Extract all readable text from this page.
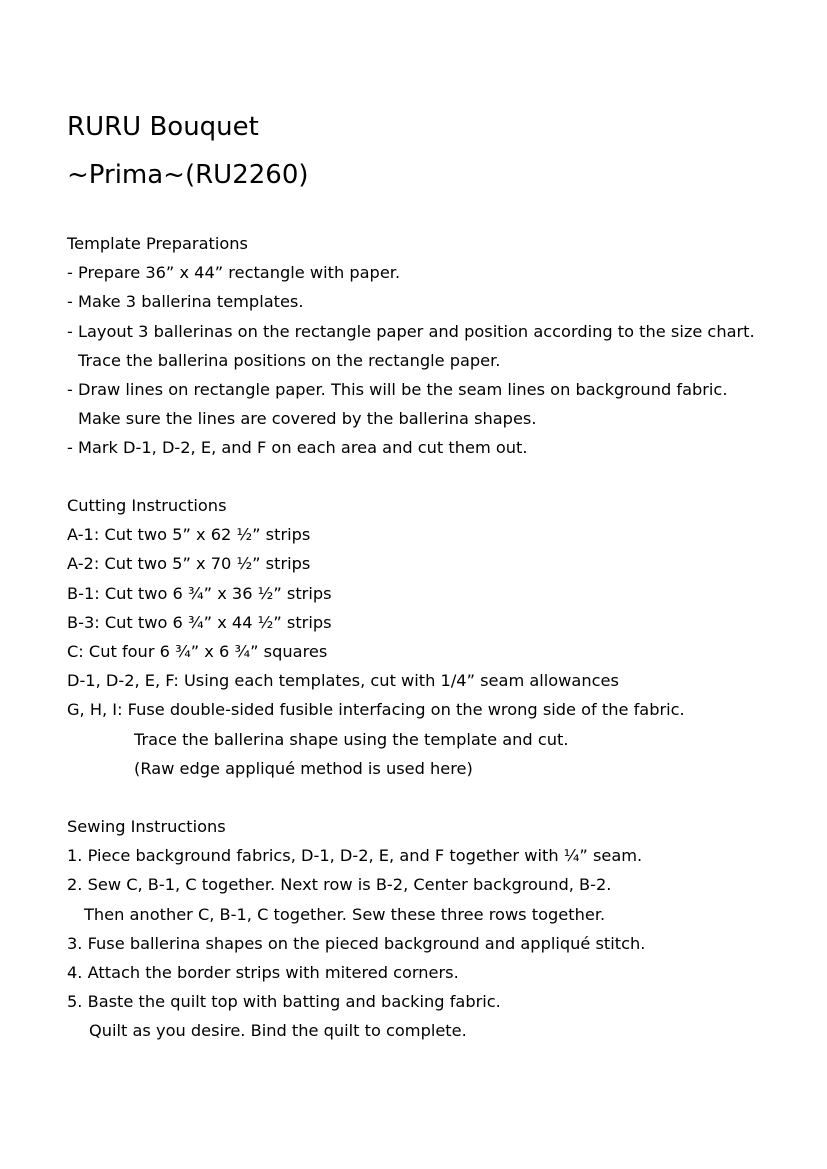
RURU Bouquet
~Prima~(RU2260)
Template Preparations
- Prepare 36” x 44” rectangle with paper.
- Make 3 ballerina templates.
- Layout 3 ballerinas on the rectangle paper and position according to the size chart.
Trace the ballerina positions on the rectangle paper.
- Draw lines on rectangle paper. This will be the seam lines on background fabric.
Make sure the lines are covered by the ballerina shapes.
- Mark D-1, D-2, E, and F on each area and cut them out.
Cutting Instructions
A-1: Cut two 5” x 62 ½” strips
A-2: Cut two 5” x 70 ½” strips
B-1: Cut two 6 ¾” x 36 ½” strips
B-3: Cut two 6 ¾” x 44 ½” strips
C: Cut four 6 ¾” x 6 ¾” squares
D-1, D-2, E, F: Using each templates, cut with 1/4” seam allowances
G, H, I: Fuse double-sided fusible interfacing on the wrong side of the fabric.
Trace the ballerina shape using the template and cut.
(Raw edge appliqué method is used here)
Sewing Instructions
1. Piece background fabrics, D-1, D-2, E, and F together with ¼” seam.
2. Sew C, B-1, C together. Next row is B-2, Center background, B-2.
Then another C, B-1, C together. Sew these three rows together.
3. Fuse ballerina shapes on the pieced background and appliqué stitch.
4. Attach the border strips with mitered corners.
5. Baste the quilt top with batting and backing fabric.
Quilt as you desire. Bind the quilt to complete.
